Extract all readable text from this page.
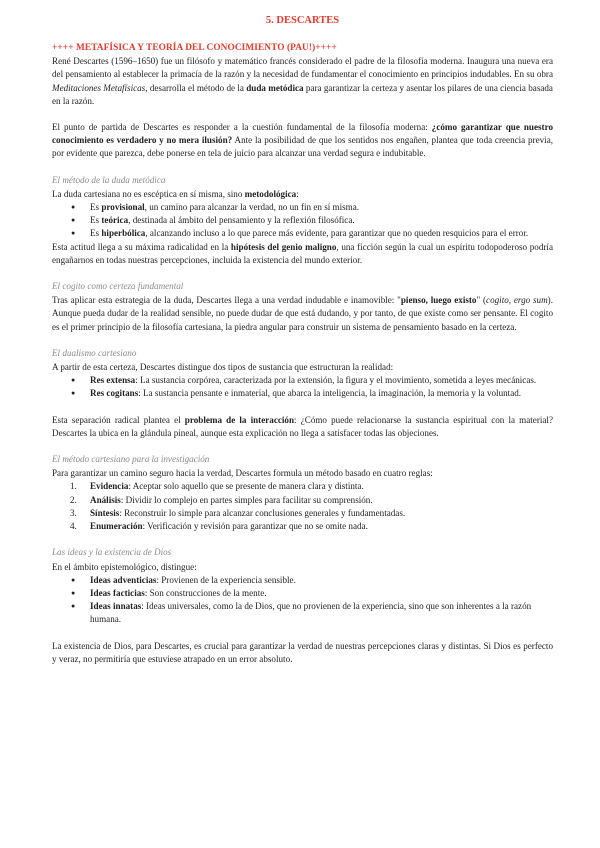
5. DESCARTES

++++ METAFÍSICA Y TEORÍA DEL CONOCIMIENTO (PAU!)++++

René Descartes (1596–1650) fue un filósofo y matemático francés considerado el padre de la filosofía moderna. Inaugura una nueva era del pensamiento al establecer la primacía de la razón y la necesidad de fundamentar el conocimiento en principios indudables. En su obra Meditaciones Metafísicas, desarrolla el método de la duda metódica para garantizar la certeza y asentar los pilares de una ciencia basada en la razón.

El punto de partida de Descartes es responder a la cuestión fundamental de la filosofía moderna: ¿cómo garantizar que nuestro conocimiento es verdadero y no mera ilusión? Ante la posibilidad de que los sentidos nos engañen, plantea que toda creencia previa, por evidente que parezca, debe ponerse en tela de juicio para alcanzar una verdad segura e indubitable.

El método de la duda metódica

La duda cartesiana no es escéptica en sí misma, sino metodológica:

● Es provisional, un camino para alcanzar la verdad, no un fin en sí misma.
● Es teórica, destinada al ámbito del pensamiento y la reflexión filosófica.
● Es hiperbólica, alcanzando incluso a lo que parece más evidente, para garantizar que no queden resquicios para el error.

Esta actitud llega a su máxima radicalidad en la hipótesis del genio maligno, una ficción según la cual un espíritu todopoderoso podría engañarnos en todas nuestras percepciones, incluida la existencia del mundo exterior.

El cogito como certeza fundamental

Tras aplicar esta estrategia de la duda, Descartes llega a una verdad indudable e inamovible: "pienso, luego existo" (cogito, ergo sum). Aunque pueda dudar de la realidad sensible, no puede dudar de que está dudando, y por tanto, de que existe como ser pensante. El cogito es el primer principio de la filosofía cartesiana, la piedra angular para construir un sistema de pensamiento basado en la certeza.

El dualismo cartesiano

A partir de esta certeza, Descartes distingue dos tipos de sustancia que estructuran la realidad:

● Res extensa: La sustancia corpórea, caracterizada por la extensión, la figura y el movimiento, sometida a leyes mecánicas.
● Res cogitans: La sustancia pensante e inmaterial, que abarca la inteligencia, la imaginación, la memoria y la voluntad.

Esta separación radical plantea el problema de la interacción: ¿Cómo puede relacionarse la sustancia espiritual con la material? Descartes la ubica en la glándula pineal, aunque esta explicación no llega a satisfacer todas las objeciones.

El método cartesiano para la investigación

Para garantizar un camino seguro hacia la verdad, Descartes formula un método basado en cuatro reglas:

1. Evidencia: Aceptar solo aquello que se presente de manera clara y distinta.
2. Análisis: Dividir lo complejo en partes simples para facilitar su comprensión.
3. Síntesis: Reconstruir lo simple para alcanzar conclusiones generales y fundamentadas.
4. Enumeración: Verificación y revisión para garantizar que no se omite nada.

Las ideas y la existencia de Dios

En el ámbito epistemológico, distingue:

● Ideas adventicias: Provienen de la experiencia sensible.
● Ideas facticias: Son construcciones de la mente.
● Ideas innatas: Ideas universales, como la de Dios, que no provienen de la experiencia, sino que son inherentes a la razón humana.

La existencia de Dios, para Descartes, es crucial para garantizar la verdad de nuestras percepciones claras y distintas. Si Dios es perfecto y veraz, no permitiría que estuviese atrapado en un error absoluto.
